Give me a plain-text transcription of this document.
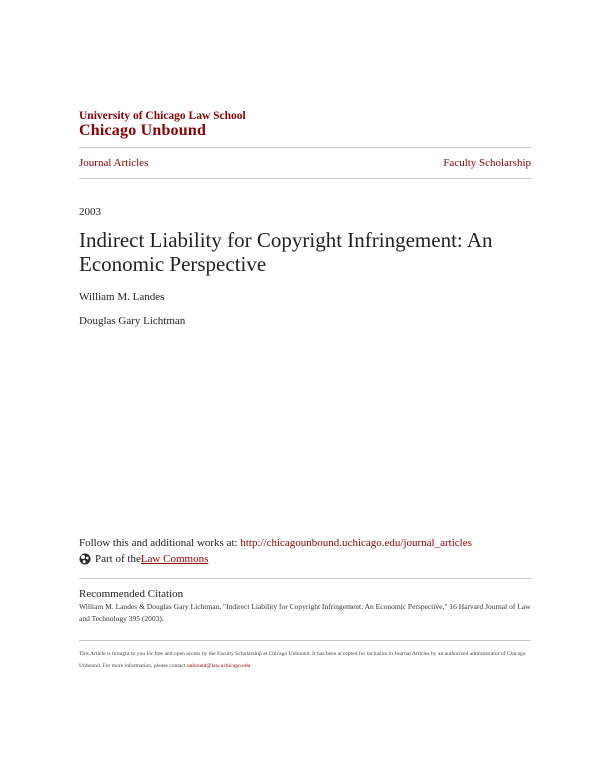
University of Chicago Law School
Chicago Unbound
Journal Articles	Faculty Scholarship
2003
Indirect Liability for Copyright Infringement: An Economic Perspective
William M. Landes
Douglas Gary Lichtman
Follow this and additional works at: http://chicagounbound.uchicago.edu/journal_articles
Part of the Law Commons
Recommended Citation
William M. Landes & Douglas Gary Lichtman, "Indirect Liability for Copyright Infringement: An Economic Perspective," 16 Harvard Journal of Law and Technology 395 (2003).
This Article is brought to you for free and open access by the Faculty Scholarship at Chicago Unbound. It has been accepted for inclusion in Journal Articles by an authorized administrator of Chicago Unbound. For more information, please contact unbound@law.uchicago.edu.
